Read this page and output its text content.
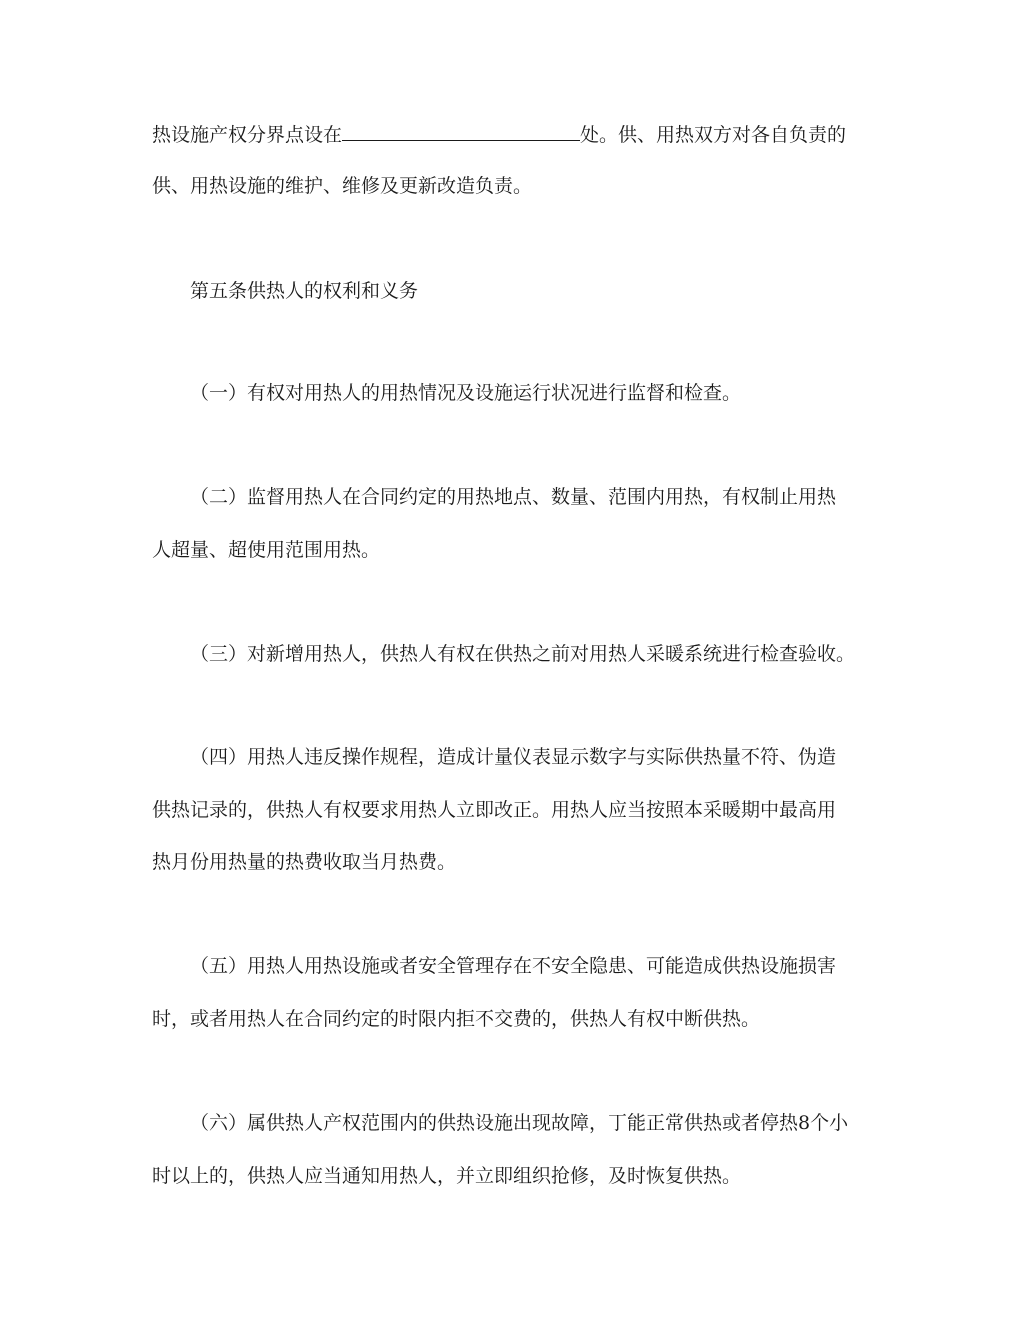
热设施产权分界点设在	处。供、用热双方对各自负责的
供、用热设施的维护、维修及更新改造负责。
第五条供热人的权利和义务
（一）有权对用热人的用热情况及设施运行状况进行监督和检查。
（二）监督用热人在合同约定的用热地点、数量、范围内用热，有权制止用热
人超量、超使用范围用热。
（三）对新增用热人，供热人有权在供热之前对用热人采暖系统进行检查验收。
（四）用热人违反操作规程，造成计量仪表显示数字与实际供热量不符、伪造
供热记录的，供热人有权要求用热人立即改正。用热人应当按照本采暖期中最高用
热月份用热量的热费收取当月热费。
（五）用热人用热设施或者安全管理存在不安全隐患、可能造成供热设施损害
时，或者用热人在合同约定的时限内拒不交费的，供热人有权中断供热。
（六）属供热人产权范围内的供热设施出现故障，丁能正常供热或者停热8个小
时以上的，供热人应当通知用热人，并立即组织抢修，及时恢复供热。
